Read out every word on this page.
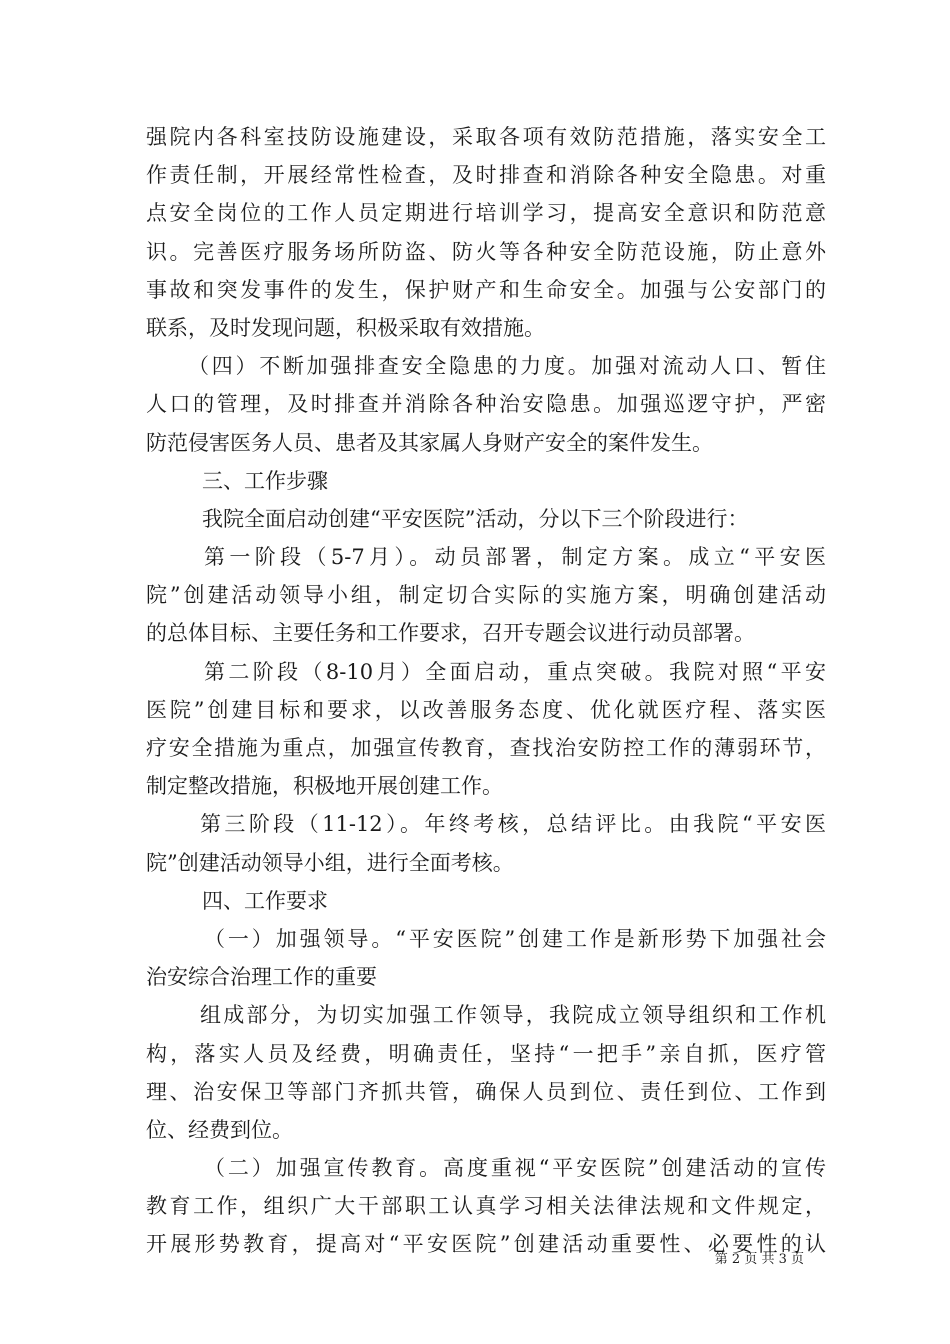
强院内各科室技防设施建设，采取各项有效防范措施，落实安全工
作责任制，开展经常性检查，及时排查和消除各种安全隐患。对重
点安全岗位的工作人员定期进行培训学习，提高安全意识和防范意
识。完善医疗服务场所防盗、防火等各种安全防范设施，防止意外
事故和突发事件的发生，保护财产和生命安全。加强与公安部门的
联系，及时发现问题，积极采取有效措施。
（四）不断加强排查安全隐患的力度。加强对流动人口、暂住
人口的管理，及时排查并消除各种治安隐患。加强巡逻守护，严密
防范侵害医务人员、患者及其家属人身财产安全的案件发生。
三、工作步骤
我院全面启动创建“平安医院”活动，分以下三个阶段进行：
第一阶段（5-7月）。动员部署，制定方案。成立“平安医
院”创建活动领导小组，制定切合实际的实施方案，明确创建活动
的总体目标、主要任务和工作要求，召开专题会议进行动员部署。
第二阶段（8-10月）全面启动，重点突破。我院对照“平安
医院”创建目标和要求，以改善服务态度、优化就医疗程、落实医
疗安全措施为重点，加强宣传教育，查找治安防控工作的薄弱环节，
制定整改措施，积极地开展创建工作。
第三阶段（11-12）。年终考核，总结评比。由我院“平安医
院”创建活动领导小组，进行全面考核。
四、工作要求
（一）加强领导。“平安医院”创建工作是新形势下加强社会
治安综合治理工作的重要
组成部分，为切实加强工作领导，我院成立领导组织和工作机
构，落实人员及经费，明确责任，坚持“一把手”亲自抓，医疗管
理、治安保卫等部门齐抓共管，确保人员到位、责任到位、工作到
位、经费到位。
（二）加强宣传教育。高度重视“平安医院”创建活动的宣传
教育工作，组织广大干部职工认真学习相关法律法规和文件规定，
开展形势教育，提高对“平安医院”创建活动重要性、必要性的认
第 2 页 共 3 页
